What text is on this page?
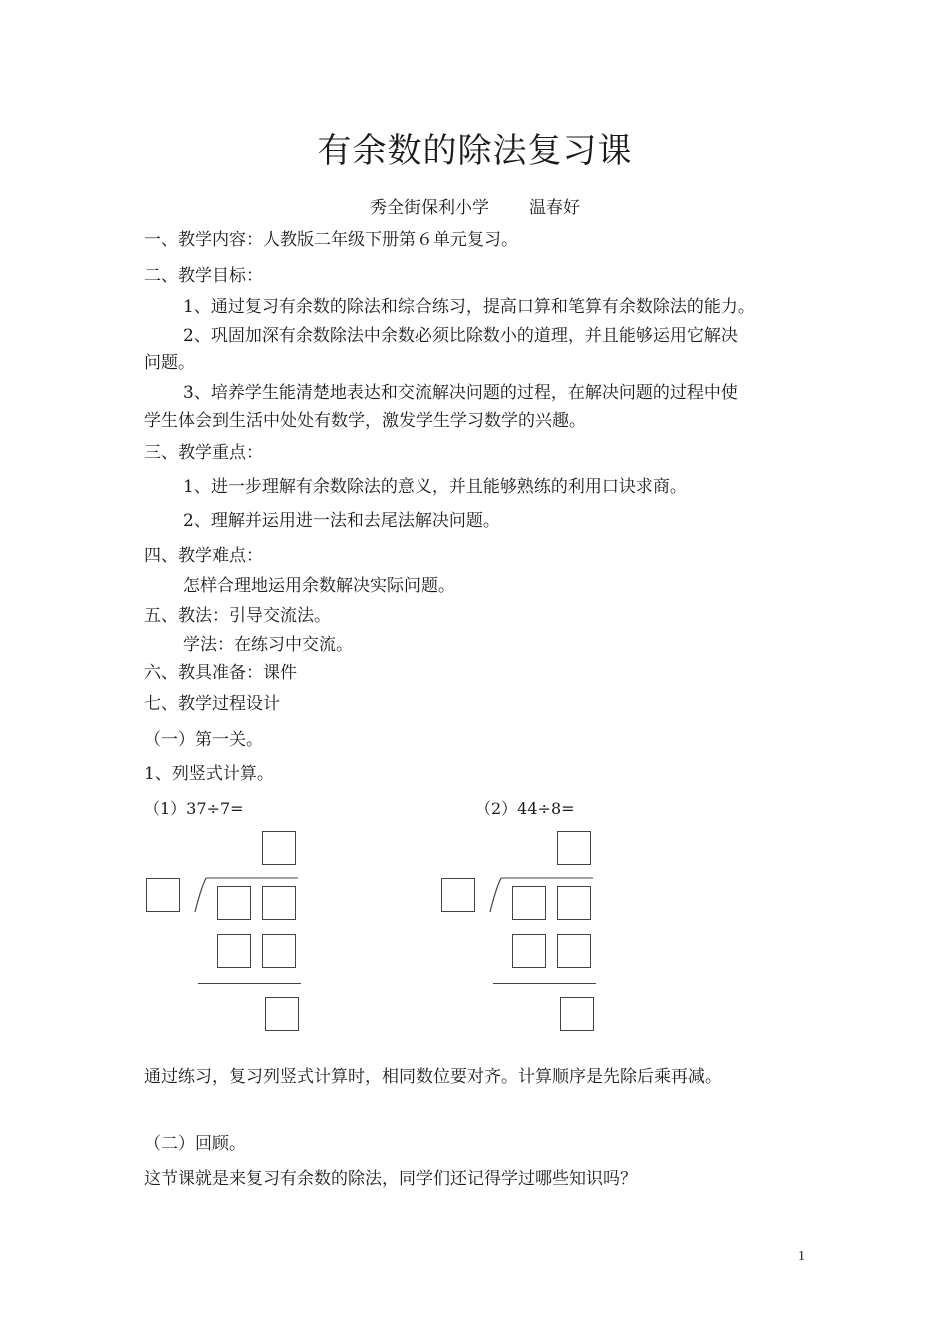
有余数的除法复习课
秀全街保利小学 温春好
一、教学内容：人教版二年级下册第６单元复习。
二、教学目标：
1、通过复习有余数的除法和综合练习，提高口算和笔算有余数除法的能力。
2、巩固加深有余数除法中余数必须比除数小的道理，并且能够运用它解决
问题。
3、培养学生能清楚地表达和交流解决问题的过程，在解决问题的过程中使
学生体会到生活中处处有数学，激发学生学习数学的兴趣。
三、教学重点：
1、进一步理解有余数除法的意义，并且能够熟练的利用口诀求商。
2、理解并运用进一法和去尾法解决问题。
四、教学难点：
怎样合理地运用余数解决实际问题。
五、教法：引导交流法。
学法：在练习中交流。
六、教具准备：课件
七、教学过程设计
（一）第一关。
1、列竖式计算。
（1）37÷7=	（2）44÷8=
通过练习，复习列竖式计算时，相同数位要对齐。计算顺序是先除后乘再减。
（二）回顾。
这节课就是来复习有余数的除法，同学们还记得学过哪些知识吗？
1
